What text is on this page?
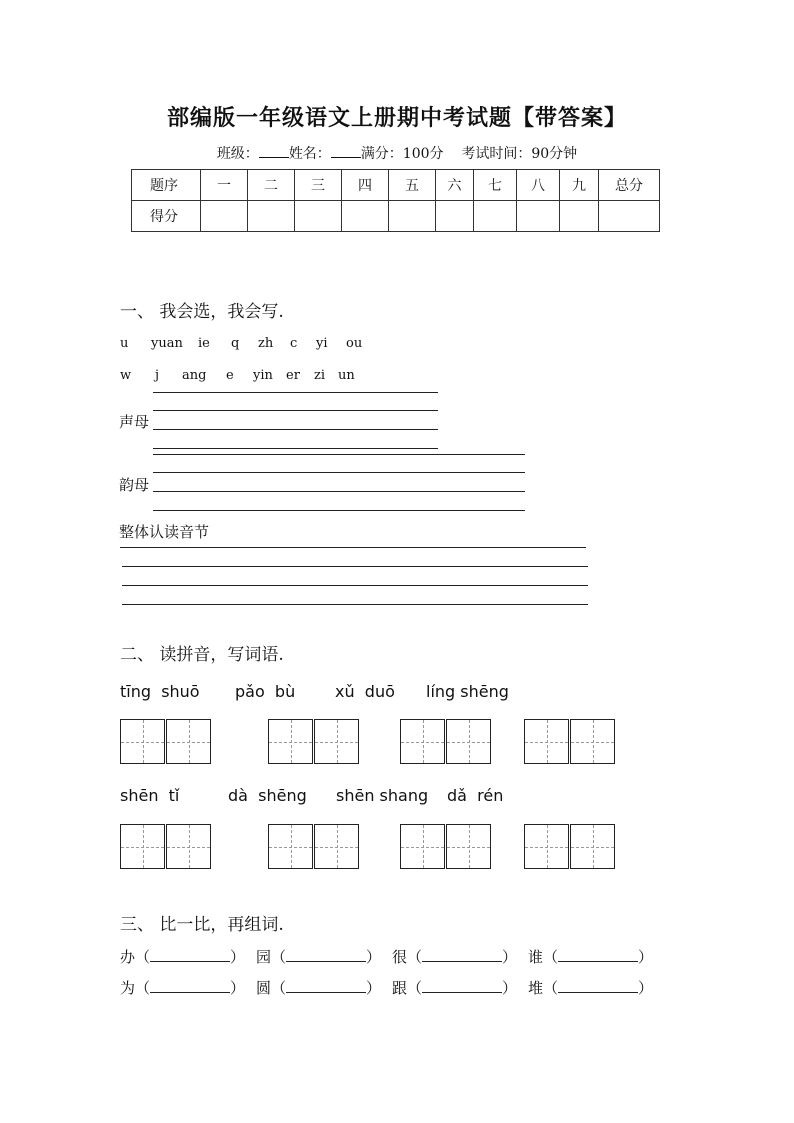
部编版一年级语文上册期中考试题【带答案】
班级： 姓名： 满分：100分 考试时间：90分钟
题序	一	二	三	四	五	六	七	八	九	总分
得分										
一、 我会选，我会写.
u yuan ie q zh c yi ou
w j ang e yin er zi un
声母
韵母
整体认读音节
二、 读拼音，写词语.
tīng  shuō pǎo  bù xǔ  duō líng shēng
shēn  tǐ	dà  shēng shēn shang dǎ  rén
三、 比一比，再组词.
办（	） 园（	） 很（	） 谁（	）
为（	） 圆（	） 跟（	） 堆（	）
